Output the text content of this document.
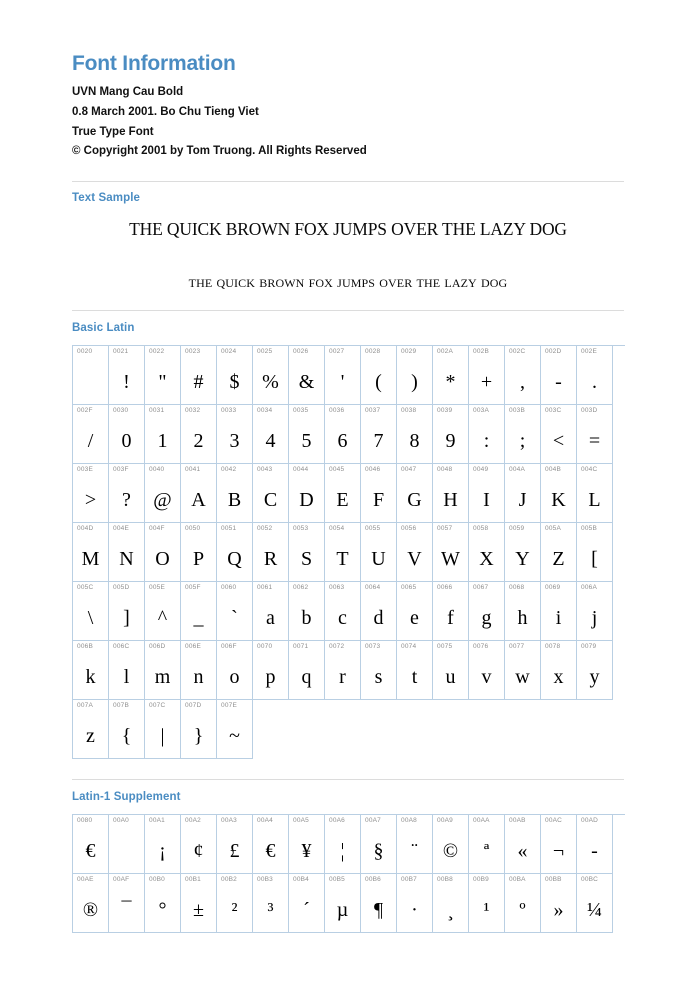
Font Information
UVN Mang Cau Bold
0.8 March 2001. Bo Chu Tieng Viet
True Type Font
© Copyright 2001 by Tom Truong. All Rights Reserved
Text Sample
THE QUICK BROWN FOX JUMPS OVER THE LAZY DOG
the quick brown fox jumps over the lazy dog
Basic Latin
0020	0021
!
0022
"
0023
#
0024
$
0025
%
0026
&
0027
'
0028
(
0029
)
002A
*
002B
+
002C
,
002D
-
002E
.
002F
/
0030
0
0031
1
0032
2
0033
3
0034
4
0035
5
0036
6
0037
7
0038
8
0039
9
003A
:
003B
;
003C
<
003D
=
003E
>
003F
?
0040
@
0041
A
0042
B
0043
C
0044
D
0045
E
0046
F
0047
G
0048
H
0049
I
004A
J
004B
K
004C
L
004D
M
004E
N
004F
O
0050
P
0051
Q
0052
R
0053
S
0054
T
0055
U
0056
V
0057
W
0058
X
0059
Y
005A
Z
005B
[
005C
\
005D
]
005E
^
005F
_
0060
`
0061
a
0062
b
0063
c
0064
d
0065
e
0066
f
0067
g
0068
h
0069
i
006A
j
006B
k
006C
l
006D
m
006E
n
006F
o
0070
p
0071
q
0072
r
0073
s
0074
t
0075
u
0076
v
0077
w
0078
x
0079
y
007A
z
007B
{
007C
|
007D
}
007E
~
Latin-1 Supplement
0080
€
00A0	00A1
¡
00A2
¢
00A3
£
00A4
€
00A5
¥
00A6
¦
00A7
§
00A8
¨
00A9
©
00AA
ª
00AB
«
00AC
¬
00AD
-
00AE
®
00AF
¯
00B0
°
00B1
±
00B2
²
00B3
³
00B4
´
00B5
µ
00B6
¶
00B7
·
00B8
¸
00B9
¹
00BA
º
00BB
»
00BC
¼
